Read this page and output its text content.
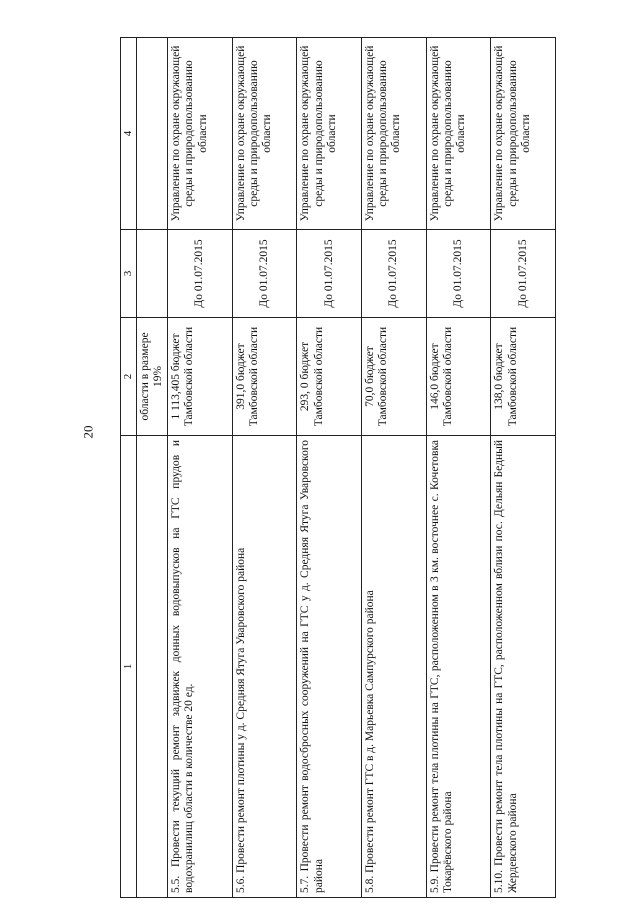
20
1	2	3	4
	области в размере 19%		
5.5. Провести текущий ремонт задвижек донных водовыпусков на ГТС прудов и водохранилищ области в количестве 20 ед.	1 113,405 бюджет Тамбовской области	До 01.07.2015	Управление по охране окружающей среды и природопользованию области
5.6. Провести ремонт плотины у д. Средняя Ятуга Уваровского района	391,0 бюджет Тамбовской области	До 01.07.2015	Управление по охране окружающей среды и природопользованию области
5.7. Провести ремонт водосбросных сооружений на ГТС у д. Средняя Ятуга Уваровского района	293, 0 бюджет Тамбовской области	До 01.07.2015	Управление по охране окружающей среды и природопользованию области
5.8. Провести ремонт ГТС в д. Марьевка Сампурского района	70,0 бюджет Тамбовской области	До 01.07.2015	Управление по охране окружающей среды и природопользованию области
5.9. Провести ремонт тела плотины на ГТС, расположенном в 3 км. восточнее с. Кочетовка Токарёвского района	146,0 бюджет Тамбовской области	До 01.07.2015	Управление по охране окружающей среды и природопользованию области
5.10. Провести ремонт тела плотины на ГТС, расположенном вблизи пос. Дельян Бедный Жердевского района	138,0 бюджет Тамбовской области	До 01.07.2015	Управление по охране окружающей среды и природопользованию области
